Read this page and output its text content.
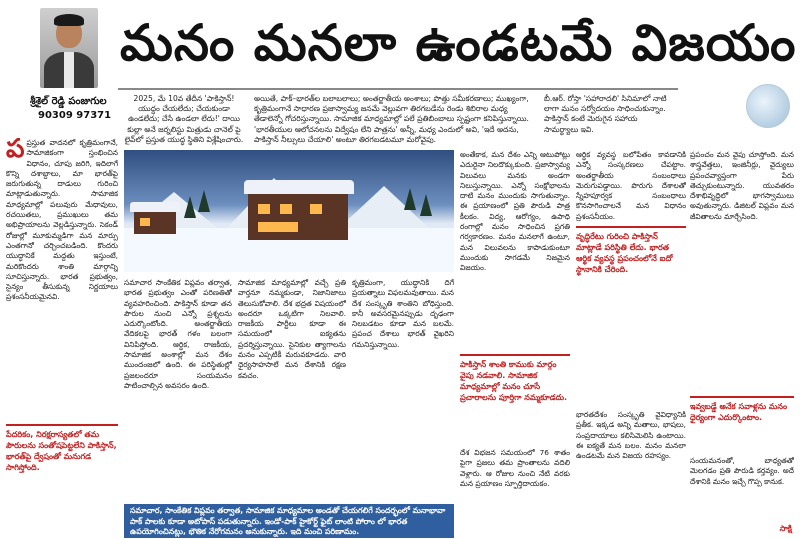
మనం మనలా ఉండటమే విజయం
శ్రీశైల్ రెడ్డి పంజుగుల
90309 97371
2025, మే 10వ తేదీన 'పాకిస్తాన్! యుద్ధం చేయలేదు; చేయకుండా ఉండలేదు; చేసే ఉండలా లేదు!' దాయి కుల్లా అనే జర్నలిస్టు మిత్రుడు చానెల్ పై లైవ్‌లో ప్రస్తుత యుద్ధ స్థితిని విశ్లేషించారు.
అయితే, పాక్–భారత్‌ల బలాబలాలు; అంతర్జాతీయ అంశాలు; పొత్తు సమీకరణాలు; ముఖ్యంగా, కృత్రిమంగానే సాధారణ ప్రజాస్వామ్య జనమే వెల్లువగా తిరగబడేను రెండు శిబిరాల మధ్య తేడాలెన్నో గోచరిస్తున్నాయి. సామాజిక మాధ్యమాల్లో పలే ప్రతిబింబాలు స్పష్టంగా కనిపిస్తున్నాయి. 'భారతీయుల ఆలోచనలను విద్వేషం లేని పాత్రను' అన్నీ, మధ్య ఎందులో అవి, 'ఇదే అదను, పాకిస్తాన్ నీల్సులు చేయాలి' అంటూ తిరగబడటమూ మరోవైపు.
బీ.ఆర్. రోస్తా 'సహారాదలి' సినిమాలో నాటి లాగా మనం సర్వోదయం సాధించుకున్నాం. పాకిస్తాన్ కంటే మెరుగైన సహాయ సామర్థ్యాలు ఇవి.
ప ప్రస్తుత వాదనలో కృత్రిమంగానే, సామాజికంగా స్తంభించిన విధానం, చూపు జరిగి, ఇదిలాగే కొన్ని దశాబ్దాలు, మా భారత్‌పై జరుగుతున్న దాడులు గురించి మాట్లాడుతున్నారు. సామాజిక మాధ్యమాల్లో పలువురు మేధావులు, రచయితలు, ప్రముఖులు తమ అభిప్రాయాలను వెల్లడిస్తున్నారు. సెకండ్ రోజుల్లో మూకుమ్మడిగా మన మార్పు ఎంతగానో చర్చించబడింది. కొందరు యుద్ధానికే మద్దతు ఇస్తుంటే, మరికొందరు శాంతి మార్గాన్ని సూచిస్తున్నారు. భారత ప్రభుత్వం, సైన్యం తీసుకున్న నిర్ణయాలు ప్రశంసనీయమైనవి.
సమాచార సాంకేతిక విప్లవం తర్వాత, భారత ప్రభుత్వం ఎంతో పరిణతితో వ్యవహరించింది. పాకిస్తాన్ కూడా తన పౌరుల నుంచి ఎన్నో ప్రశ్నలను ఎదుర్కొంటోంది. అంతర్జాతీయ వేదికలపై భారత్ గళం బలంగా వినిపిస్తోంది. ఆర్థిక, రాజకీయ, సామాజిక అంశాల్లో మన దేశం ముందంజలో ఉంది. ఈ పరిస్థితుల్లో ప్రజలందరూ సంయమనం పాటించాల్సిన అవసరం ఉంది.
సామాజిక మాధ్యమాల్లో వచ్చే ప్రతి వార్తనూ నమ్మకుండా, నిజానిజాలు తెలుసుకోవాలి. దేశ భద్రత విషయంలో అందరూ ఒక్కటిగా నిలవాలి. రాజకీయ పార్టీలు కూడా ఈ సమయంలో ఐక్యతను ప్రదర్శిస్తున్నాయి. సైనికుల త్యాగాలను మనం ఎప్పటికీ మరువకూడదు. వారి ధైర్యసాహసాలే మన దేశానికి రక్షణ కవచం.
కృత్రిమంగా, యుద్ధానికి దిగే ప్రయత్నాలు విఫలమవుతాయి. మన దేశ సంస్కృతి శాంతిని బోధిస్తుంది. కానీ అవసరమైనప్పుడు దృఢంగా నిలబడటం కూడా మన బలమే. ప్రపంచ దేశాలు భారత్ వైఖరిని గమనిస్తున్నాయి.
అంతేకాక, మన దేశం ఎన్ని ఆటుపోట్లు ఎదురైనా నిలదొక్కుకుంది. ప్రజాస్వామ్య విలువలు మనకు అండగా నిలుస్తున్నాయి. ఎన్నో సంక్షోభాలను దాటి మనం ముందుకు సాగుతున్నాం. ఈ ప్రయాణంలో ప్రతి పౌరుడి పాత్ర కీలకం. విద్య, ఆరోగ్యం, ఉపాధి రంగాల్లో మనం సాధించిన ప్రగతి గర్వకారణం. మనం మనలాగే ఉంటూ, మన విలువలను కాపాడుకుంటూ ముందుకు సాగడమే నిజమైన విజయం.
దేశ విభజన సమయంలో 76 శాతం పైగా ప్రజలు తమ ప్రాంతాలను వదిలి వెళ్లారు. ఆ రోజుల నుంచి నేటి వరకు మన ప్రయాణం స్ఫూర్తిదాయకం.
ఆర్థిక వ్యవస్థ బలోపేతం కావడానికి ఎన్నో సంస్కరణలు చేపట్టాం. అంతర్జాతీయ సంబంధాలు మెరుగుపడ్డాయి. పొరుగు దేశాలతో స్నేహపూర్వక సంబంధాలు కొనసాగించాలనే మన విధానం ప్రశంసనీయం.
భారతదేశం సంస్కృతి వైవిధ్యానికి ప్రతీక. ఇక్కడ అన్ని మతాలు, భాషలు, సంప్రదాయాలు కలిసిమెలిసి ఉంటాయి. ఈ ఐక్యతే మన బలం. మనం మనలా ఉండటమే మన విజయ రహస్యం.
ప్రపంచం మన వైపు చూస్తోంది. మన శాస్త్రవేత్తలు, ఇంజినీర్లు, వైద్యులు ప్రపంచవ్యాప్తంగా పేరు తెచ్చుకుంటున్నారు. యువతరం దేశాభివృద్ధిలో భాగస్వాములు అవుతున్నారు. డిజిటల్ విప్లవం మన జీవితాలను మార్చేసింది.
సంయమనంతో, బాధ్యతతో మెలగడం ప్రతి పౌరుడి కర్తవ్యం. అదే దేశానికి మనం ఇచ్చే గొప్ప కానుక.
పేదరికం, నిరక్షరాస్యతలో తమ పౌరులను సంతోషపెట్టలేని పాకిస్తాన్, భారత్‌పై ద్వేషంతో మనుగడ సాగిస్తోంది.
వృద్ధిరేటు గురించి పాకిస్తాన్ మాట్లాడే పరిస్థితి లేదు. భారత ఆర్థిక వ్యవస్థ ప్రపంచంలోనే ఐదో స్థానానికి చేరింది.
పాకిస్తాన్ శాంతి కాముకు మార్గం వైపు నడవాలి. సామాజిక మాధ్యమాల్లో మనం చూసే ప్రచారాలను పూర్తిగా నమ్మకూడదు.
ఇవ్వబడ్డే అనేక సవాళ్లను మనం ధైర్యంగా ఎదుర్కొంటాం.
సమాచార, సాంకేతిక విప్లవం తర్వాత, సామాజిక మాధ్యమాల అండతో చేయగలిగే సందర్భంలో మనాభావా పాక్ పాలకు కూడా అటోపాస్ పడుతున్నారు. ఇండో-పాక్ హైకోర్ట్ ఫైట్ లాంటి పోరాం లో భారత ఉపయోగించినట్లు, భౌతిక నేరోగమనం అనుకున్నారు. ఇది మంచి పరిణామం.	సాక్షి
